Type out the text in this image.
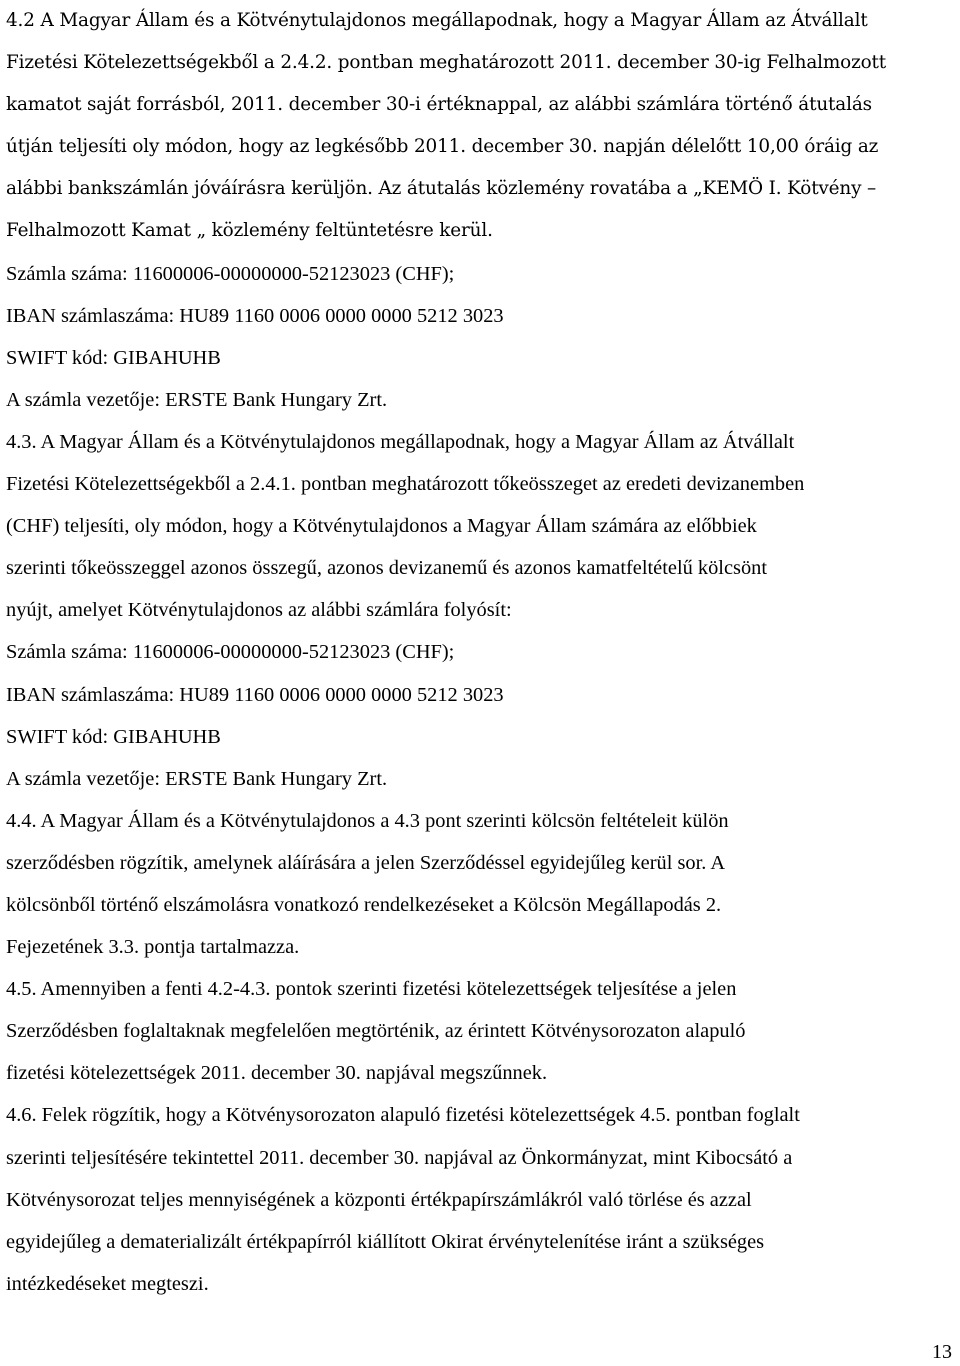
4.2 A Magyar Állam és a Kötvénytulajdonos megállapodnak, hogy a Magyar Állam az Átvállalt
Fizetési Kötelezettségekből a 2.4.2. pontban meghatározott 2011. december 30-ig Felhalmozott
kamatot saját forrásból, 2011. december 30-i értéknappal, az alábbi számlára történő átutalás
útján teljesíti oly módon, hogy az legkésőbb 2011. december 30. napján délelőtt 10,00 óráig az
alábbi bankszámlán jóváírásra kerüljön. Az átutalás közlemény rovatába a „KEMÖ I. Kötvény –
Felhalmozott Kamat „ közlemény feltüntetésre kerül.
Számla száma: 11600006-00000000-52123023 (CHF);
IBAN számlaszáma: HU89 1160 0006 0000 0000 5212 3023
SWIFT kód: GIBAHUHB
A számla vezetője: ERSTE Bank Hungary Zrt.
4.3. A Magyar Állam és a Kötvénytulajdonos megállapodnak, hogy a Magyar Állam az Átvállalt
Fizetési Kötelezettségekből a 2.4.1. pontban meghatározott tőkeösszeget az eredeti devizanemben
(CHF) teljesíti, oly módon, hogy a Kötvénytulajdonos a Magyar Állam számára az előbbiek
szerinti tőkeösszeggel azonos összegű, azonos devizanemű és azonos kamatfeltételű kölcsönt
nyújt, amelyet Kötvénytulajdonos az alábbi számlára folyósít:
Számla száma: 11600006-00000000-52123023 (CHF);
IBAN számlaszáma: HU89 1160 0006 0000 0000 5212 3023
SWIFT kód: GIBAHUHB
A számla vezetője: ERSTE Bank Hungary Zrt.
4.4. A Magyar Állam és a Kötvénytulajdonos a 4.3 pont szerinti kölcsön feltételeit külön
szerződésben rögzítik, amelynek aláírására a jelen Szerződéssel egyidejűleg kerül sor. A
kölcsönből történő elszámolásra vonatkozó rendelkezéseket a Kölcsön Megállapodás 2.
Fejezetének 3.3. pontja tartalmazza.
4.5. Amennyiben a fenti 4.2-4.3. pontok szerinti fizetési kötelezettségek teljesítése a jelen
Szerződésben foglaltaknak megfelelően megtörténik, az érintett Kötvénysorozaton alapuló
fizetési kötelezettségek 2011. december 30. napjával megszűnnek.
4.6. Felek rögzítik, hogy a Kötvénysorozaton alapuló fizetési kötelezettségek 4.5. pontban foglalt
szerinti teljesítésére tekintettel 2011. december 30. napjával az Önkormányzat, mint Kibocsátó a
Kötvénysorozat teljes mennyiségének a központi értékpapírszámlákról való törlése és azzal
egyidejűleg a dematerializált értékpapírról kiállított Okirat érvénytelenítése iránt a szükséges
intézkedéseket megteszi.
13
